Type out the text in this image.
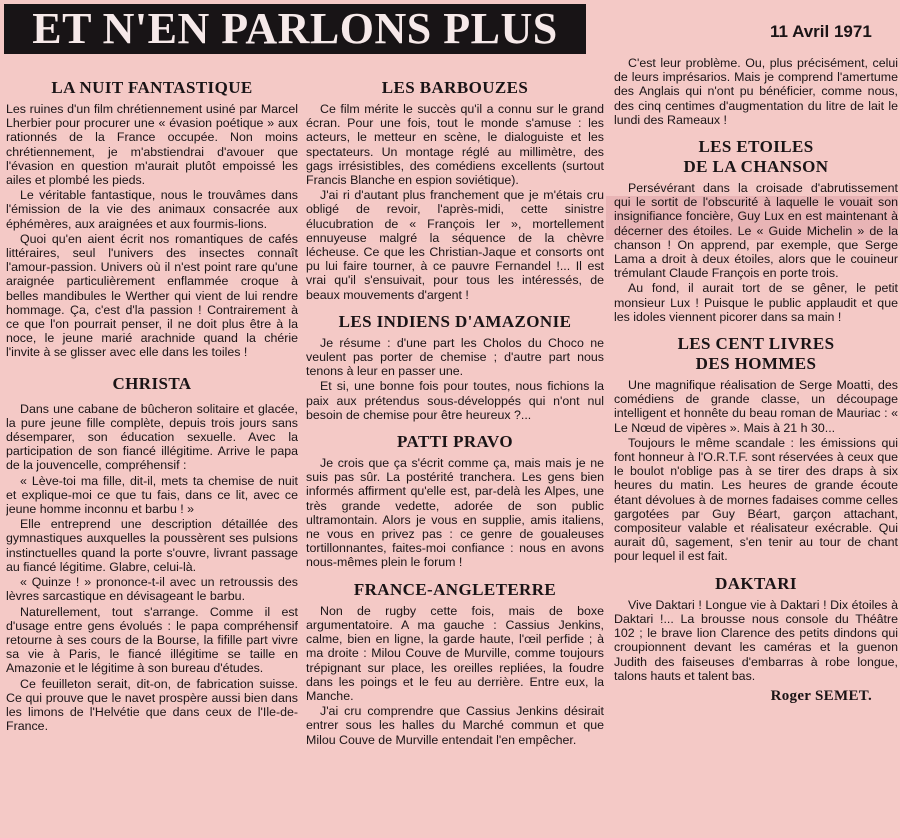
ET N'EN PARLONS PLUS	11 Avril 1971
LA NUIT FANTASTIQUE

Les ruines d'un film chrétiennement usiné par Marcel Lherbier pour procurer une « évasion poétique » aux rationnés de la France occupée. Non moins chrétiennement, je m'abstiendrai d'avouer que l'évasion en question m'aurait plutôt empoissé les ailes et plombé les pieds.

Le véritable fantastique, nous le trouvâmes dans l'émission de la vie des animaux consacrée aux éphémères, aux araignées et aux fourmis-lions.

Quoi qu'en aient écrit nos romantiques de cafés littéraires, seul l'univers des insectes connaît l'amour-passion. Univers où il n'est point rare qu'une araignée particulièrement enflammée croque à belles mandibules le Werther qui vient de lui rendre hommage. Ça, c'est d'la passion ! Contrairement à ce que l'on pourrait penser, il ne doit plus être à la noce, le jeune marié arachnide quand la chérie l'invite à se glisser avec elle dans les toiles !

CHRISTA

Dans une cabane de bûcheron solitaire et glacée, la pure jeune fille complète, depuis trois jours sans désemparer, son éducation sexuelle. Avec la participation de son fiancé illégitime. Arrive le papa de la jouvencelle, compréhensif :

« Lève-toi ma fille, dit-il, mets ta chemise de nuit et explique-moi ce que tu fais, dans ce lit, avec ce jeune homme inconnu et barbu ! »

Elle entreprend une description détaillée des gymnastiques auxquelles la poussèrent ses pulsions instinctuelles quand la porte s'ouvre, livrant passage au fiancé légitime. Glabre, celui-là.

« Quinze ! » prononce-t-il avec un retroussis des lèvres sarcastique en dévisageant le barbu.

Naturellement, tout s'arrange. Comme il est d'usage entre gens évolués : le papa compréhensif retourne à ses cours de la Bourse, la fifille part vivre sa vie à Paris, le fiancé illégitime se taille en Amazonie et le légitime à son bureau d'études.

Ce feuilleton serait, dit-on, de fabrication suisse. Ce qui prouve que le navet prospère aussi bien dans les limons de l'Helvétie que dans ceux de l'Ile-de-France.

LES BARBOUZES

Ce film mérite le succès qu'il a connu sur le grand écran. Pour une fois, tout le monde s'amuse : les acteurs, le metteur en scène, le dialoguiste et les spectateurs. Un montage réglé au millimètre, des gags irrésistibles, des comédiens excellents (surtout Francis Blanche en espion soviétique).

J'ai ri d'autant plus franchement que je m'étais cru obligé de revoir, l'après-midi, cette sinistre élucubration de « François Ier », mortellement ennuyeuse malgré la séquence de la chèvre lécheuse. Ce que les Christian-Jaque et consorts ont pu lui faire tourner, à ce pauvre Fernandel !... Il est vrai qu'il s'ensuivait, pour tous les intéressés, de beaux mouvements d'argent !

LES INDIENS D'AMAZONIE

Je résume : d'une part les Cholos du Choco ne veulent pas porter de chemise ; d'autre part nous tenons à leur en passer une.

Et si, une bonne fois pour toutes, nous fichions la paix aux prétendus sous-développés qui n'ont nul besoin de chemise pour être heureux ?...

PATTI PRAVO

Je crois que ça s'écrit comme ça, mais mais je ne suis pas sûr. La postérité tranchera. Les gens bien informés affirment qu'elle est, par-delà les Alpes, une très grande vedette, adorée de son public ultramontain. Alors je vous en supplie, amis italiens, ne vous en privez pas : ce genre de goualeuses tortillonnantes, faites-moi confiance : nous en avons nous-mêmes plein le forum !

FRANCE-ANGLETERRE

Non de rugby cette fois, mais de boxe argumentatoire. A ma gauche : Cassius Jenkins, calme, bien en ligne, la garde haute, l'œil perfide ; à ma droite : Milou Couve de Murville, comme toujours trépignant sur place, les oreilles repliées, la foudre dans les poings et le feu au derrière. Entre eux, la Manche.

J'ai cru comprendre que Cassius Jenkins désirait entrer sous les halles du Marché commun et que Milou Couve de Murville entendait l'en empêcher.

C'est leur problème. Ou, plus précisément, celui de leurs imprésarios. Mais je comprend l'amertume des Anglais qui n'ont pu bénéficier, comme nous, des cinq centimes d'augmentation du litre de lait le lundi des Rameaux !

LES ETOILES
DE LA CHANSON

Persévérant dans la croisade d'abrutissement qui le sortit de l'obscurité à laquelle le vouait son insignifiance foncière, Guy Lux en est maintenant à décerner des étoiles. Le « Guide Michelin » de la chanson ! On apprend, par exemple, que Serge Lama a droit à deux étoiles, alors que le couineur trémulant Claude François en porte trois.

Au fond, il aurait tort de se gêner, le petit monsieur Lux ! Puisque le public applaudit et que les idoles viennent picorer dans sa main !

LES CENT LIVRES
DES HOMMES

Une magnifique réalisation de Serge Moatti, des comédiens de grande classe, un découpage intelligent et honnête du beau roman de Mauriac : « Le Nœud de vipères ». Mais à 21 h 30...

Toujours le même scandale : les émissions qui font honneur à l'O.R.T.F. sont réservées à ceux que le boulot n'oblige pas à se tirer des draps à six heures du matin. Les heures de grande écoute étant dévolues à de mornes fadaises comme celles gargotées par Guy Béart, garçon attachant, compositeur valable et réalisateur exécrable. Qui aurait dû, sagement, s'en tenir au tour de chant pour lequel il est fait.

DAKTARI

Vive Daktari ! Longue vie à Daktari ! Dix étoiles à Daktari !... La brousse nous console du Théâtre 102 ; le brave lion Clarence des petits dindons qui croupionnent devant les caméras et la guenon Judith des faiseuses d'embarras à robe longue, talons hauts et talent bas.

Roger SEMET.
